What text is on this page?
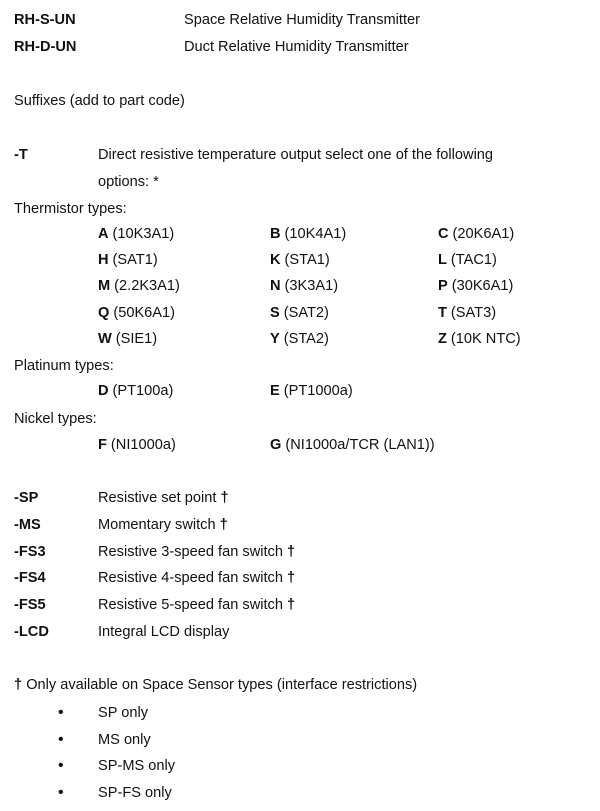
RH-S-UN	Space Relative Humidity Transmitter
RH-D-UN	Duct Relative Humidity Transmitter
Suffixes (add to part code)
-T	Direct resistive temperature output select one of the following
options: *
Thermistor types:
A (10K3A1)	B (10K4A1)	C (20K6A1)
H (SAT1)	K (STA1)	L (TAC1)
M (2.2K3A1)	N (3K3A1)	P (30K6A1)
Q (50K6A1)	S (SAT2)	T (SAT3)
W (SIE1)	Y (STA2)	Z (10K NTC)
Platinum types:
D (PT100a)	E (PT1000a)
Nickel types:
F (NI1000a)	G (NI1000a/TCR (LAN1))
-SP	Resistive set point †
-MS	Momentary switch †
-FS3	Resistive 3-speed fan switch †
-FS4	Resistive 4-speed fan switch †
-FS5	Resistive 5-speed fan switch †
-LCD	Integral LCD display
† Only available on Space Sensor types (interface restrictions)
• SP only
• MS only
• SP-MS only
• SP-FS only
